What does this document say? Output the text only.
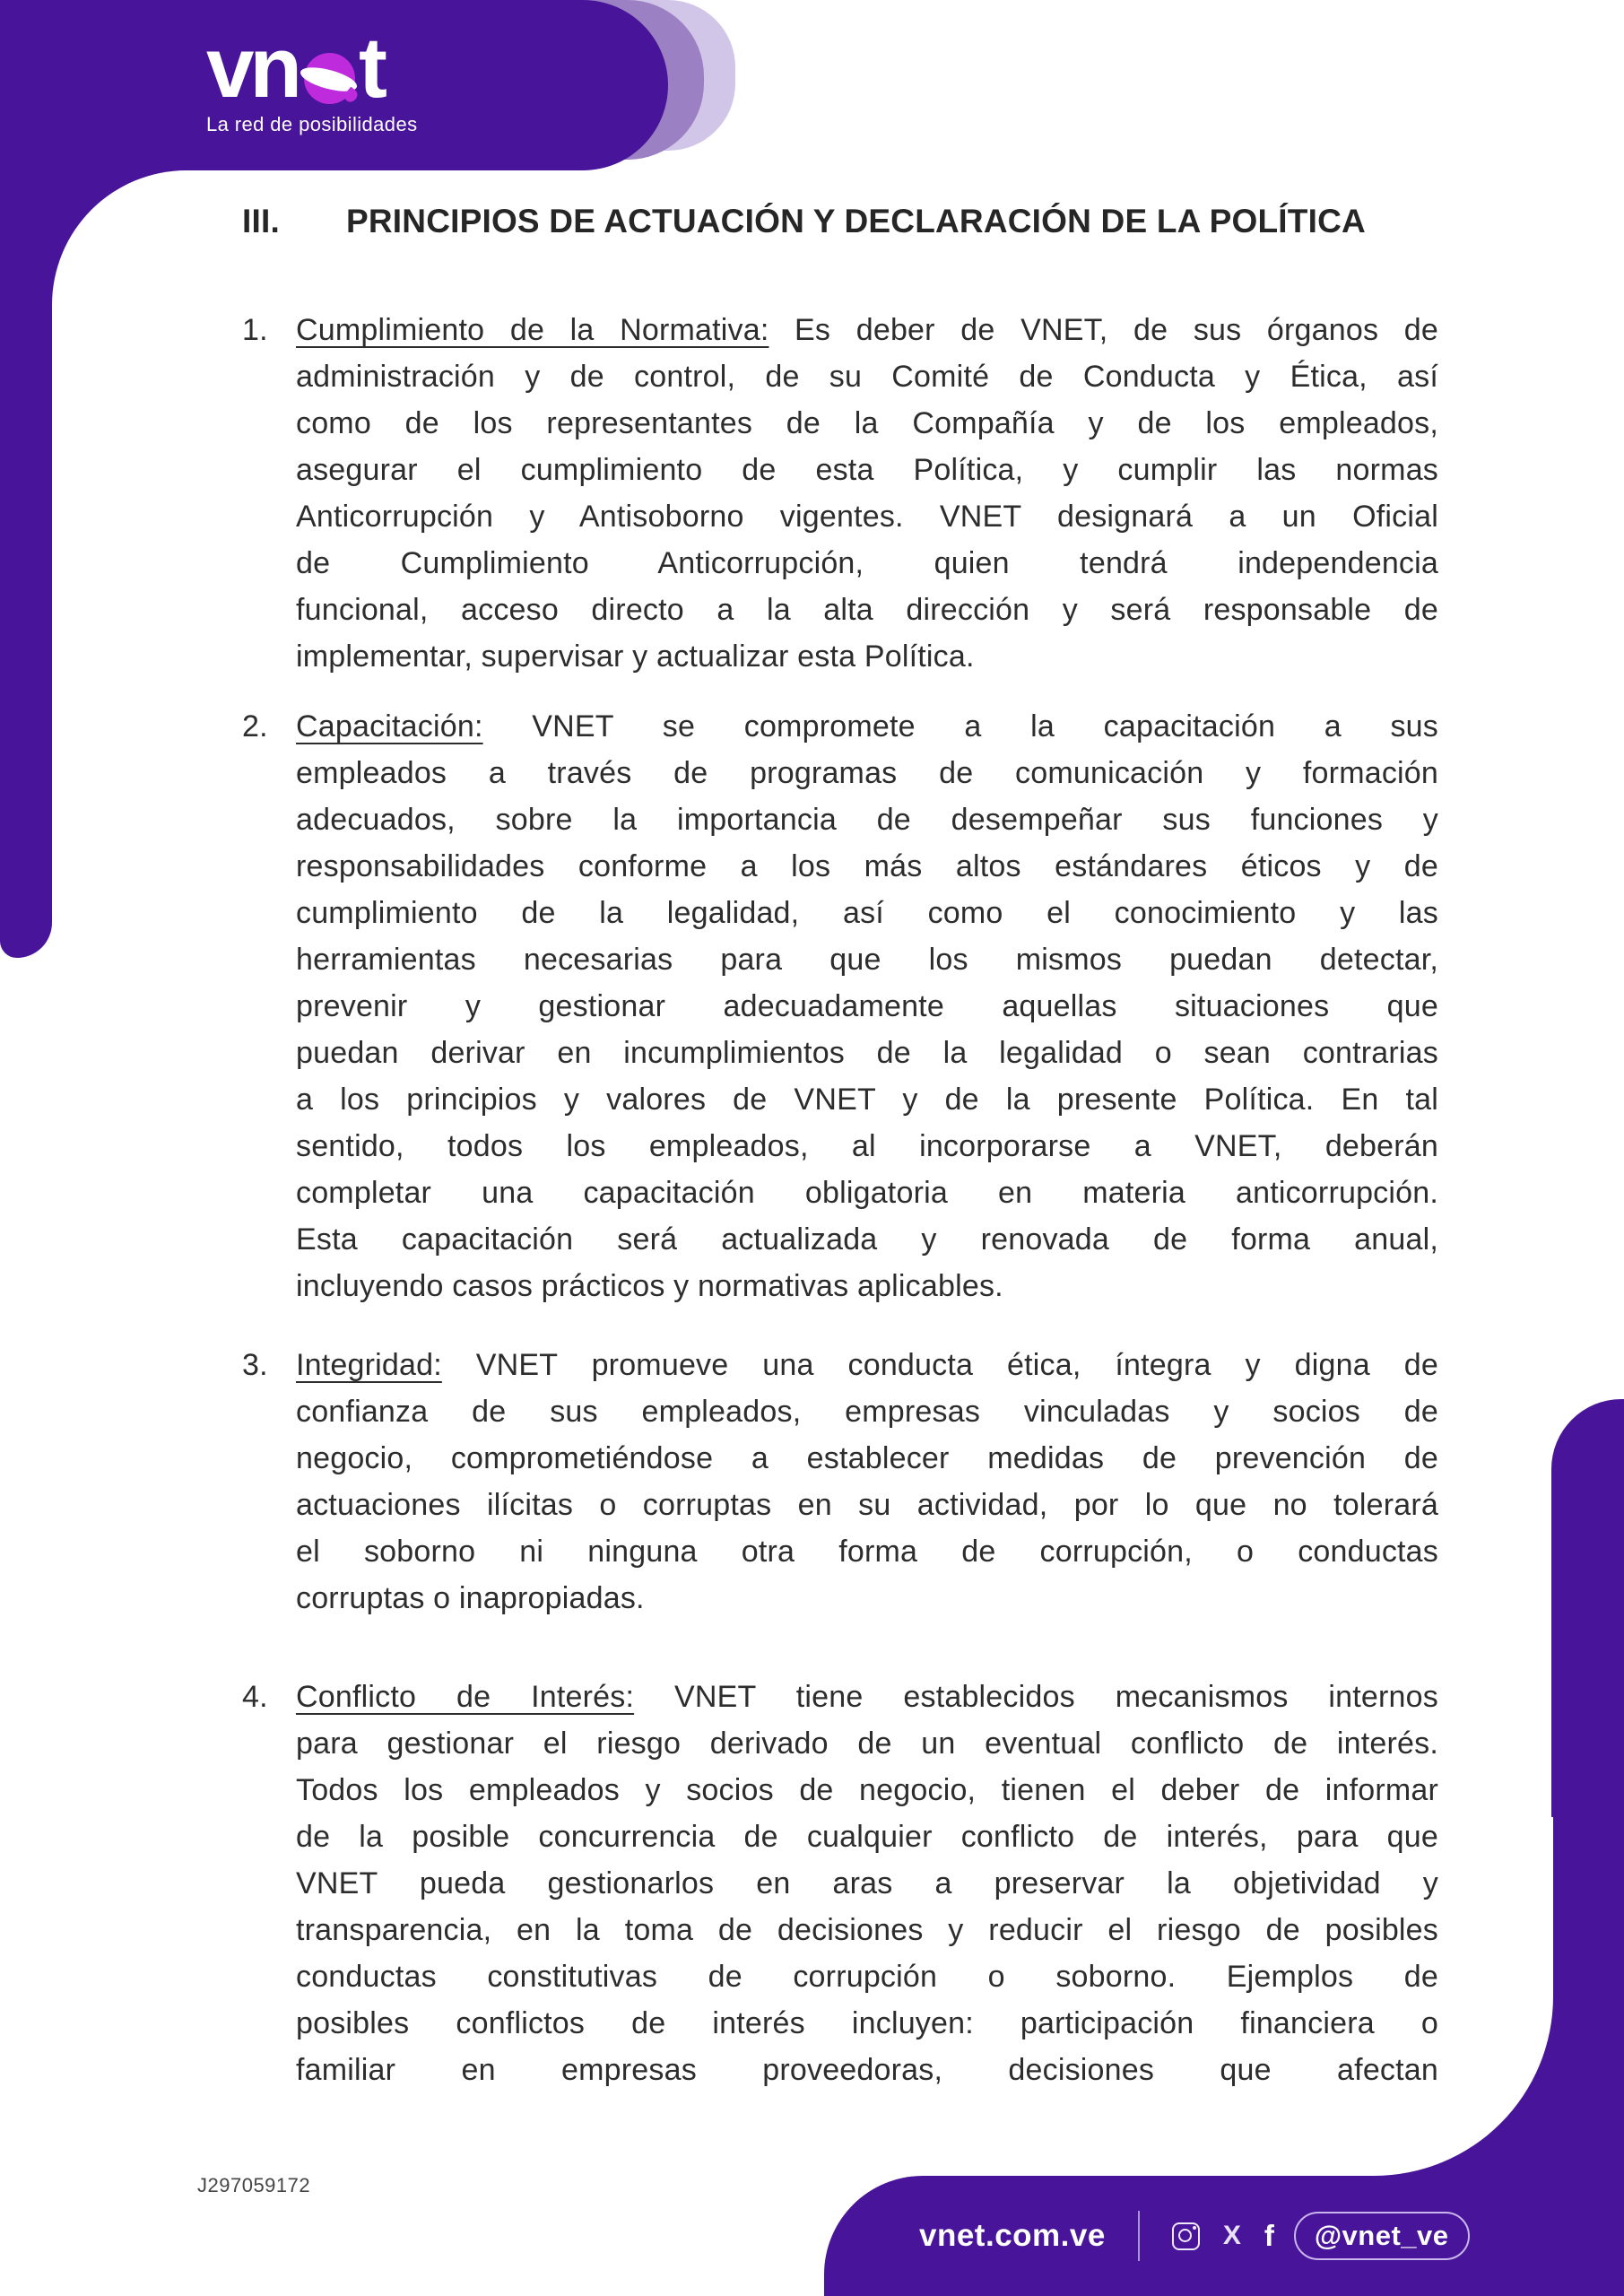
vn t
La red de posibilidades
III.	PRINCIPIOS DE ACTUACIÓN Y DECLARACIÓN DE LA POLÍTICA
1. Cumplimiento de la Normativa: Es deber de VNET, de sus órganos de
administración y de control, de su Comité de Conducta y Ética, así
como de los representantes de la Compañía y de los empleados,
asegurar el cumplimiento de esta Política, y cumplir las normas
Anticorrupción y Antisoborno vigentes. VNET designará a un Oficial
de Cumplimiento Anticorrupción, quien tendrá independencia
funcional, acceso directo a la alta dirección y será responsable de
implementar, supervisar y actualizar esta Política.
2. Capacitación: VNET se compromete a la capacitación a sus
empleados a través de programas de comunicación y formación
adecuados, sobre la importancia de desempeñar sus funciones y
responsabilidades conforme a los más altos estándares éticos y de
cumplimiento de la legalidad, así como el conocimiento y las
herramientas necesarias para que los mismos puedan detectar,
prevenir y gestionar adecuadamente aquellas situaciones que
puedan derivar en incumplimientos de la legalidad o sean contrarias
a los principios y valores de VNET y de la presente Política. En tal
sentido, todos los empleados, al incorporarse a VNET, deberán
completar una capacitación obligatoria en materia anticorrupción.
Esta capacitación será actualizada y renovada de forma anual,
incluyendo casos prácticos y normativas aplicables.
3. Integridad: VNET promueve una conducta ética, íntegra y digna de
confianza de sus empleados, empresas vinculadas y socios de
negocio, comprometiéndose a establecer medidas de prevención de
actuaciones ilícitas o corruptas en su actividad, por lo que no tolerará
el soborno ni ninguna otra forma de corrupción, o conductas
corruptas o inapropiadas.
4. Conflicto de Interés: VNET tiene establecidos mecanismos internos
para gestionar el riesgo derivado de un eventual conflicto de interés.
Todos los empleados y socios de negocio, tienen el deber de informar
de la posible concurrencia de cualquier conflicto de interés, para que
VNET pueda gestionarlos en aras a preservar la objetividad y
transparencia, en la toma de decisiones y reducir el riesgo de posibles
conductas constitutivas de corrupción o soborno. Ejemplos de
posibles conflictos de interés incluyen: participación financiera o
familiar en empresas proveedoras, decisiones que afectan
J297059172
vnet.com.ve	X f	@vnet_ve
